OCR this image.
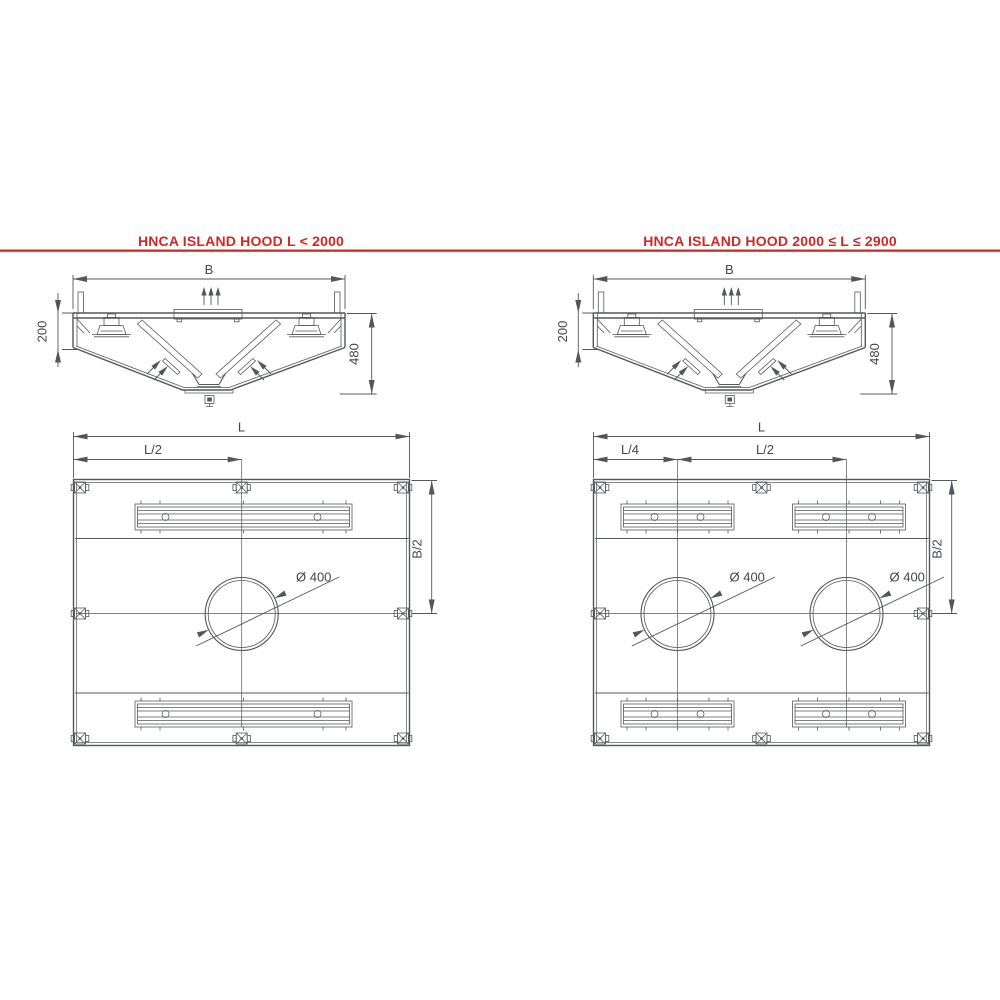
480
HNCA ISLAND HOOD L < 2000	HNCA ISLAND HOOD 2000 ≤ L ≤ 2900
L
L/2
Ø 400
B/2
L
L/4	L/2
Ø 400	Ø 400
B/2
